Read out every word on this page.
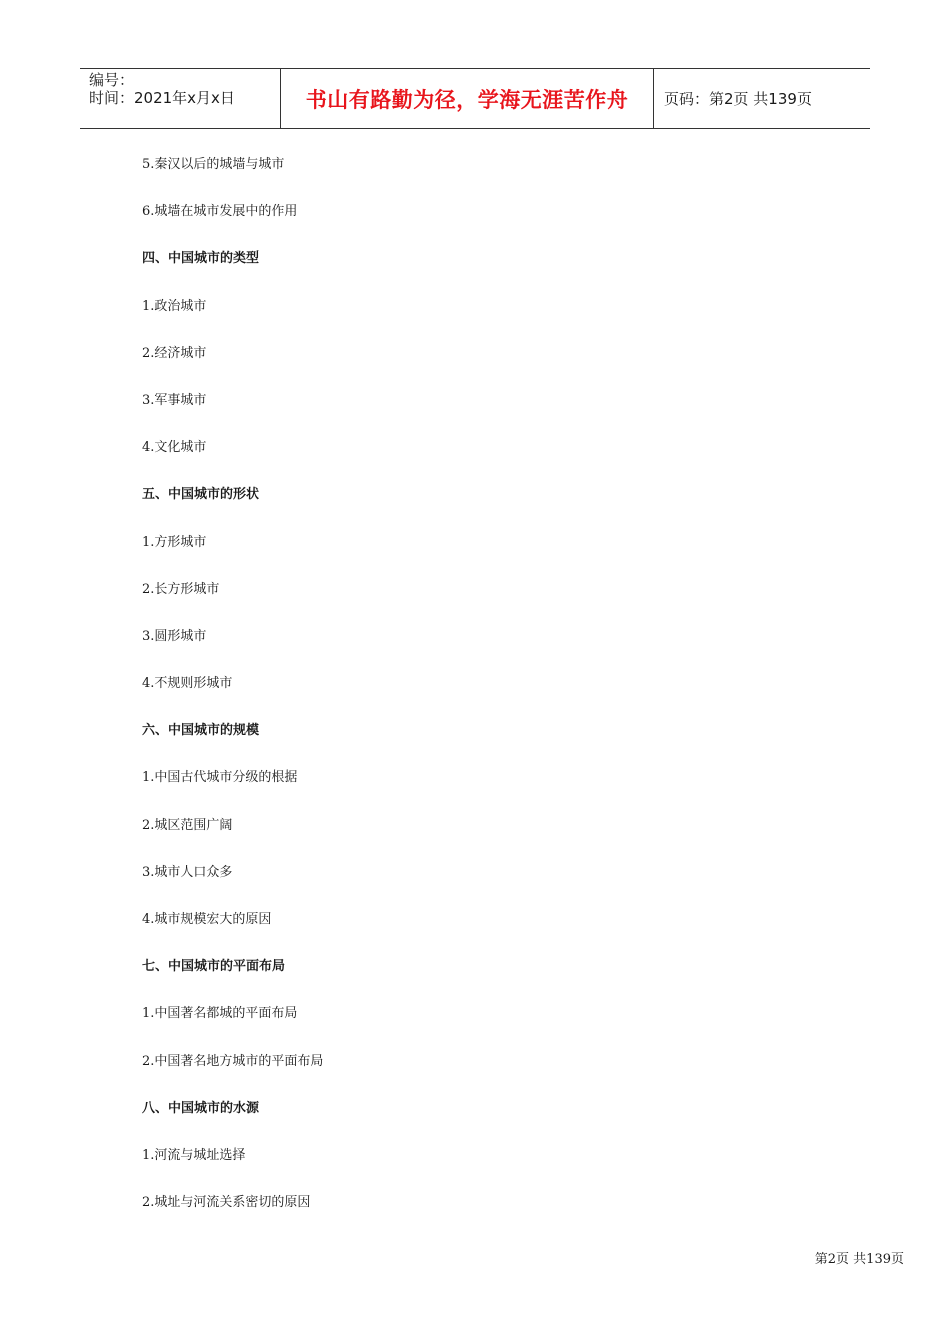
编号：
时间：2021年x月x日	书山有路勤为径，学海无涯苦作舟	页码：第2页 共139页
5.秦汉以后的城墙与城市
6.城墙在城市发展中的作用
四、中国城市的类型
1.政治城市
2.经济城市
3.军事城市
4.文化城市
五、中国城市的形状
1.方形城市
2.长方形城市
3.圆形城市
4.不规则形城市
六、中国城市的规模
1.中国古代城市分级的根据
2.城区范围广阔
3.城市人口众多
4.城市规模宏大的原因
七、中国城市的平面布局
1.中国著名都城的平面布局
2.中国著名地方城市的平面布局
八、中国城市的水源
1.河流与城址选择
2.城址与河流关系密切的原因
第2页 共139页
